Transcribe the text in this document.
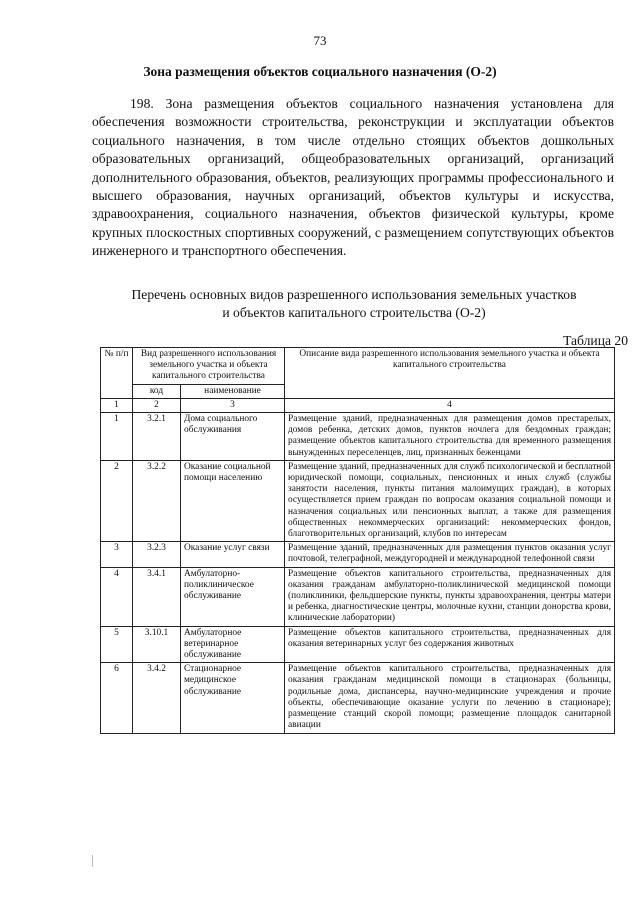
73
Зона размещения объектов социального назначения (О-2)

198. Зона размещения объектов социального назначения установлена для обеспечения возможности строительства, реконструкции и эксплуатации объектов социального назначения, в том числе отдельно стоящих объектов дошкольных образовательных организаций, общеобразовательных организаций, организаций дополнительного образования, объектов, реализующих программы профессионального и высшего образования, научных организаций, объектов культуры и искусства, здравоохранения, социального назначения, объектов физической культуры, кроме крупных плоскостных спортивных сооружений, с размещением сопутствующих объектов инженерного и транспортного обеспечения.

Перечень основных видов разрешенного использования земельных участков
и объектов капитального строительства (О-2)

Таблица 20
№ п/п	Вид разрешенного использования земельного участка и объекта капитального строительства		Описание вида разрешенного использования земельного участка и объекта капитального строительства
	код	наименование	
1	2	3	4
1	3.2.1	Дома социального обслуживания	Размещение зданий, предназначенных для размещения домов престарелых, домов ребенка, детских домов, пунктов ночлега для бездомных граждан; размещение объектов капитального строительства для временного размещения вынужденных переселенцев, лиц, признанных беженцами
2	3.2.2	Оказание социальной помощи населению	Размещение зданий, предназначенных для служб психологической и бесплатной юридической помощи, социальных, пенсионных и иных служб (службы занятости населения, пункты питания малоимущих граждан), в которых осуществляется прием граждан по вопросам оказания социальной помощи и назначения социальных или пенсионных выплат, а также для размещения общественных некоммерческих организаций: некоммерческих фондов, благотворительных организаций, клубов по интересам
3	3.2.3	Оказание услуг связи	Размещение зданий, предназначенных для размещения пунктов оказания услуг почтовой, телеграфной, междугородней и международной телефонной связи
4	3.4.1	Амбулаторно-поликлиническое обслуживание	Размещение объектов капитального строительства, предназначенных для оказания гражданам амбулаторно-поликлинической медицинской помощи (поликлиники, фельдшерские пункты, пункты здравоохранения, центры матери и ребенка, диагностические центры, молочные кухни, станции донорства крови, клинические лаборатории)
5	3.10.1	Амбулаторное ветеринарное обслуживание	Размещение объектов капитального строительства, предназначенных для оказания ветеринарных услуг без содержания животных
6	3.4.2	Стационарное медицинское обслуживание	Размещение объектов капитального строительства, предназначенных для оказания гражданам медицинской помощи в стационарах (больницы, родильные дома, диспансеры, научно-медицинские учреждения и прочие объекты, обеспечивающие оказание услуги по лечению в стационаре); размещение станций скорой помощи; размещение площадок санитарной авиации
